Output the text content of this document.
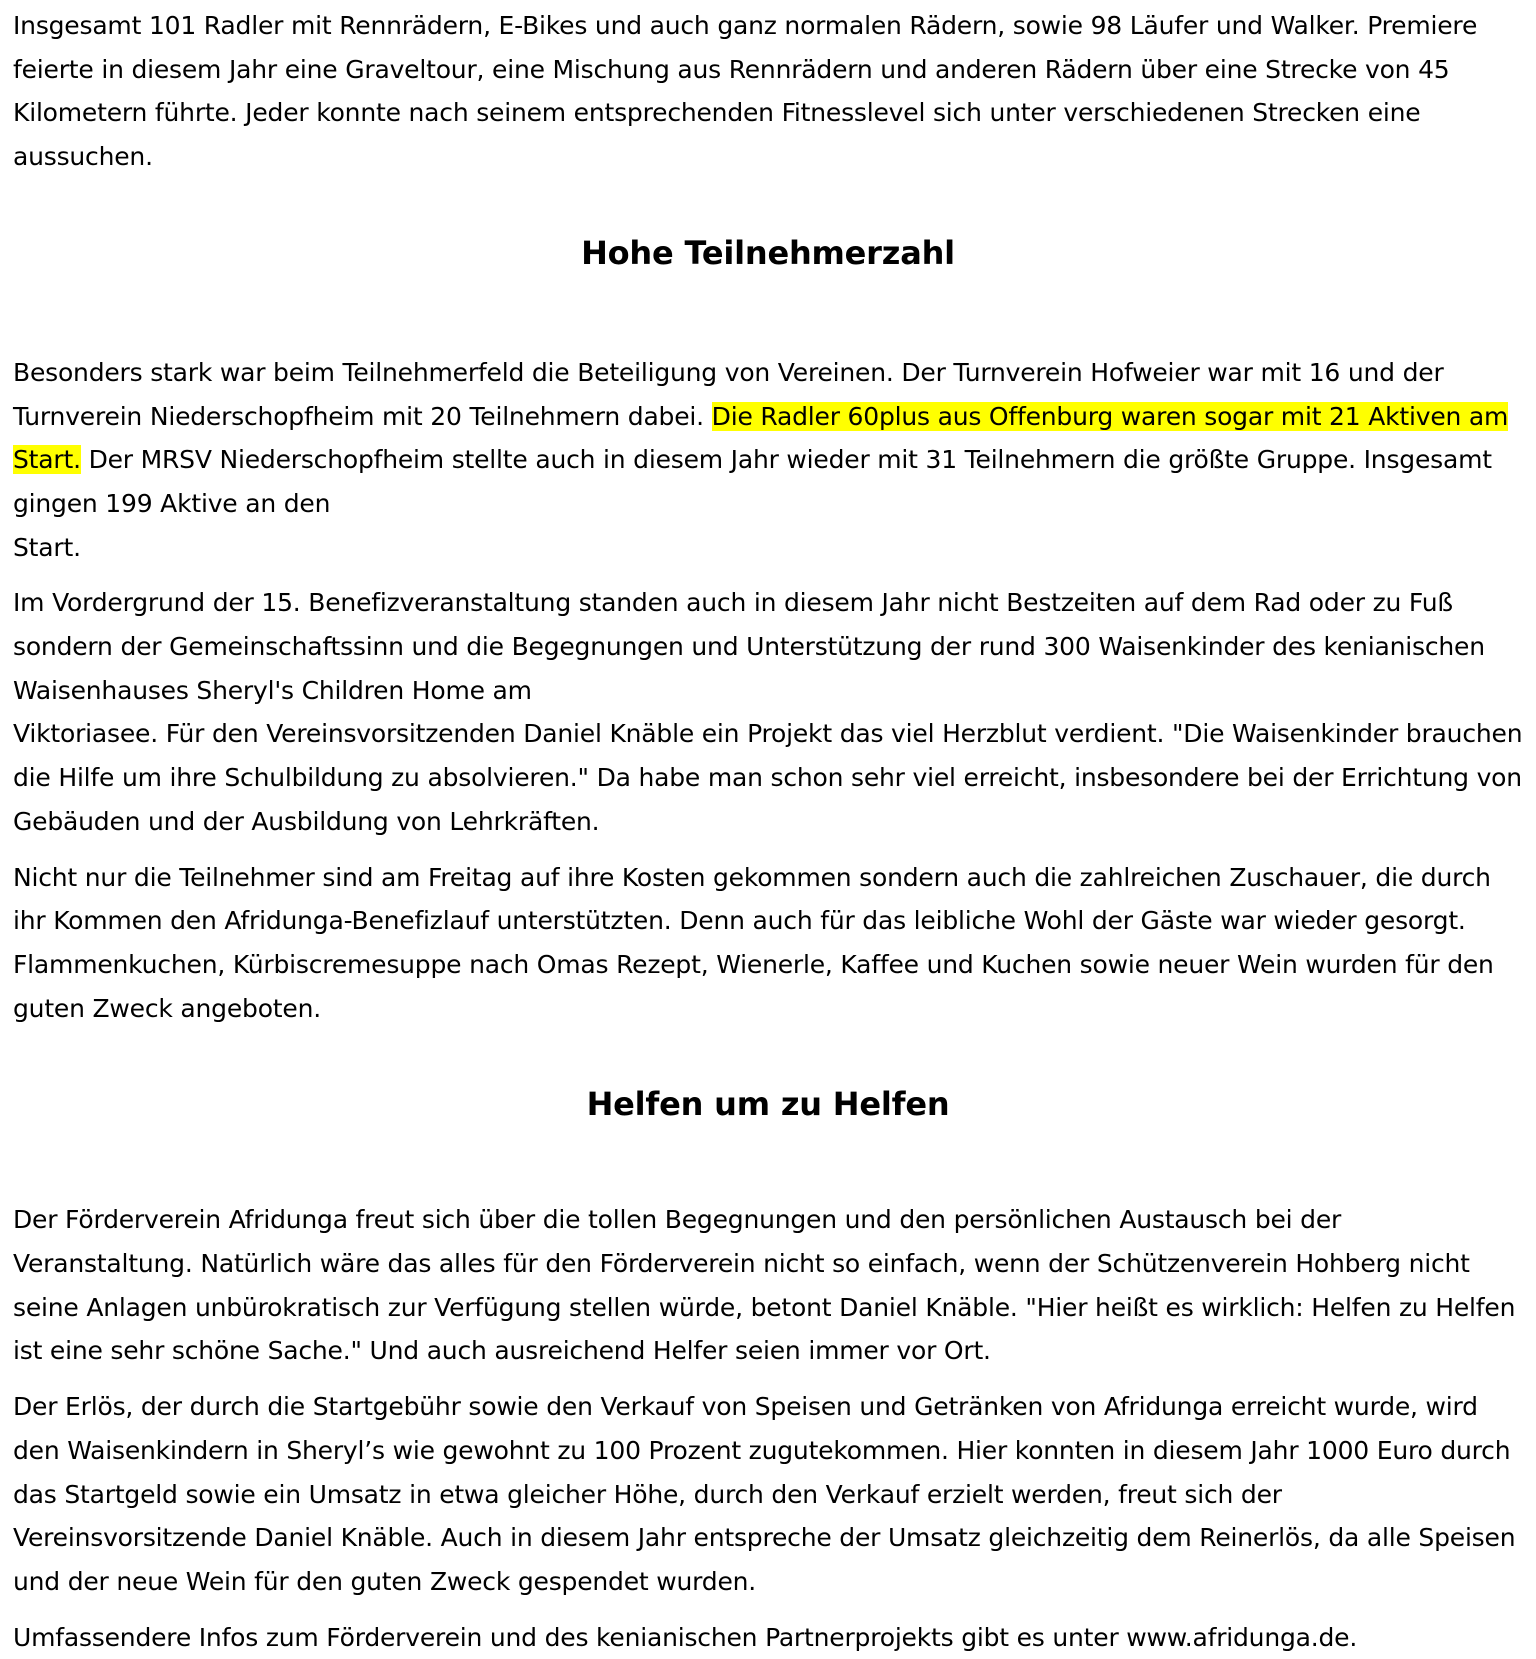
Insgesamt 101 Radler mit Rennrädern, E-Bikes und auch ganz normalen Rädern, sowie 98 Läufer und Walker. Premiere feierte in diesem Jahr eine Graveltour, eine Mischung aus Rennrädern und anderen Rädern über eine Strecke von 45 Kilometern führte. Jeder konnte nach seinem entsprechenden Fitnesslevel sich unter verschiedenen Strecken eine aussuchen.

Hohe Teilnehmerzahl

Besonders stark war beim Teilnehmerfeld die Beteiligung von Vereinen. Der Turnverein Hofweier war mit 16 und der Turnverein Niederschopfheim mit 20 Teilnehmern dabei. Die Radler 60plus aus Offenburg waren sogar mit 21 Aktiven am Start. Der MRSV Niederschopfheim stellte auch in diesem Jahr wieder mit 31 Teilnehmern die größte Gruppe. Insgesamt gingen 199 Aktive an den
Start.

Im Vordergrund der 15. Benefizveranstaltung standen auch in diesem Jahr nicht Bestzeiten auf dem Rad oder zu Fuß sondern der Gemeinschaftssinn und die Begegnungen und Unterstützung der rund 300 Waisenkinder des kenianischen Waisenhauses Sheryl's Children Home am
Viktoriasee. Für den Vereinsvorsitzenden Daniel Knäble ein Projekt das viel Herzblut verdient. "Die Waisenkinder brauchen die Hilfe um ihre Schulbildung zu absolvieren." Da habe man schon sehr viel erreicht, insbesondere bei der Errichtung von Gebäuden und der Ausbildung von Lehrkräften.

Nicht nur die Teilnehmer sind am Freitag auf ihre Kosten gekommen sondern auch die zahlreichen Zuschauer, die durch ihr Kommen den Afridunga-Benefizlauf unterstützten. Denn auch für das leibliche Wohl der Gäste war wieder gesorgt. Flammenkuchen, Kürbiscremesuppe nach Omas Rezept, Wienerle, Kaffee und Kuchen sowie neuer Wein wurden für den guten Zweck angeboten.

Helfen um zu Helfen

Der Förderverein Afridunga freut sich über die tollen Begegnungen und den persönlichen Austausch bei der Veranstaltung. Natürlich wäre das alles für den Förderverein nicht so einfach, wenn der Schützenverein Hohberg nicht seine Anlagen unbürokratisch zur Verfügung stellen würde, betont Daniel Knäble. "Hier heißt es wirklich: Helfen zu Helfen ist eine sehr schöne Sache." Und auch ausreichend Helfer seien immer vor Ort.

Der Erlös, der durch die Startgebühr sowie den Verkauf von Speisen und Getränken von Afridunga erreicht wurde, wird den Waisenkindern in Sheryl’s wie gewohnt zu 100 Prozent zugutekommen. Hier konnten in diesem Jahr 1000 Euro durch das Startgeld sowie ein Umsatz in etwa gleicher Höhe, durch den Verkauf erzielt werden, freut sich der Vereinsvorsitzende Daniel Knäble. Auch in diesem Jahr entspreche der Umsatz gleichzeitig dem Reinerlös, da alle Speisen und der neue Wein für den guten Zweck gespendet wurden.

Umfassendere Infos zum Förderverein und des kenianischen Partnerprojekts gibt es unter www.afridunga.de.
